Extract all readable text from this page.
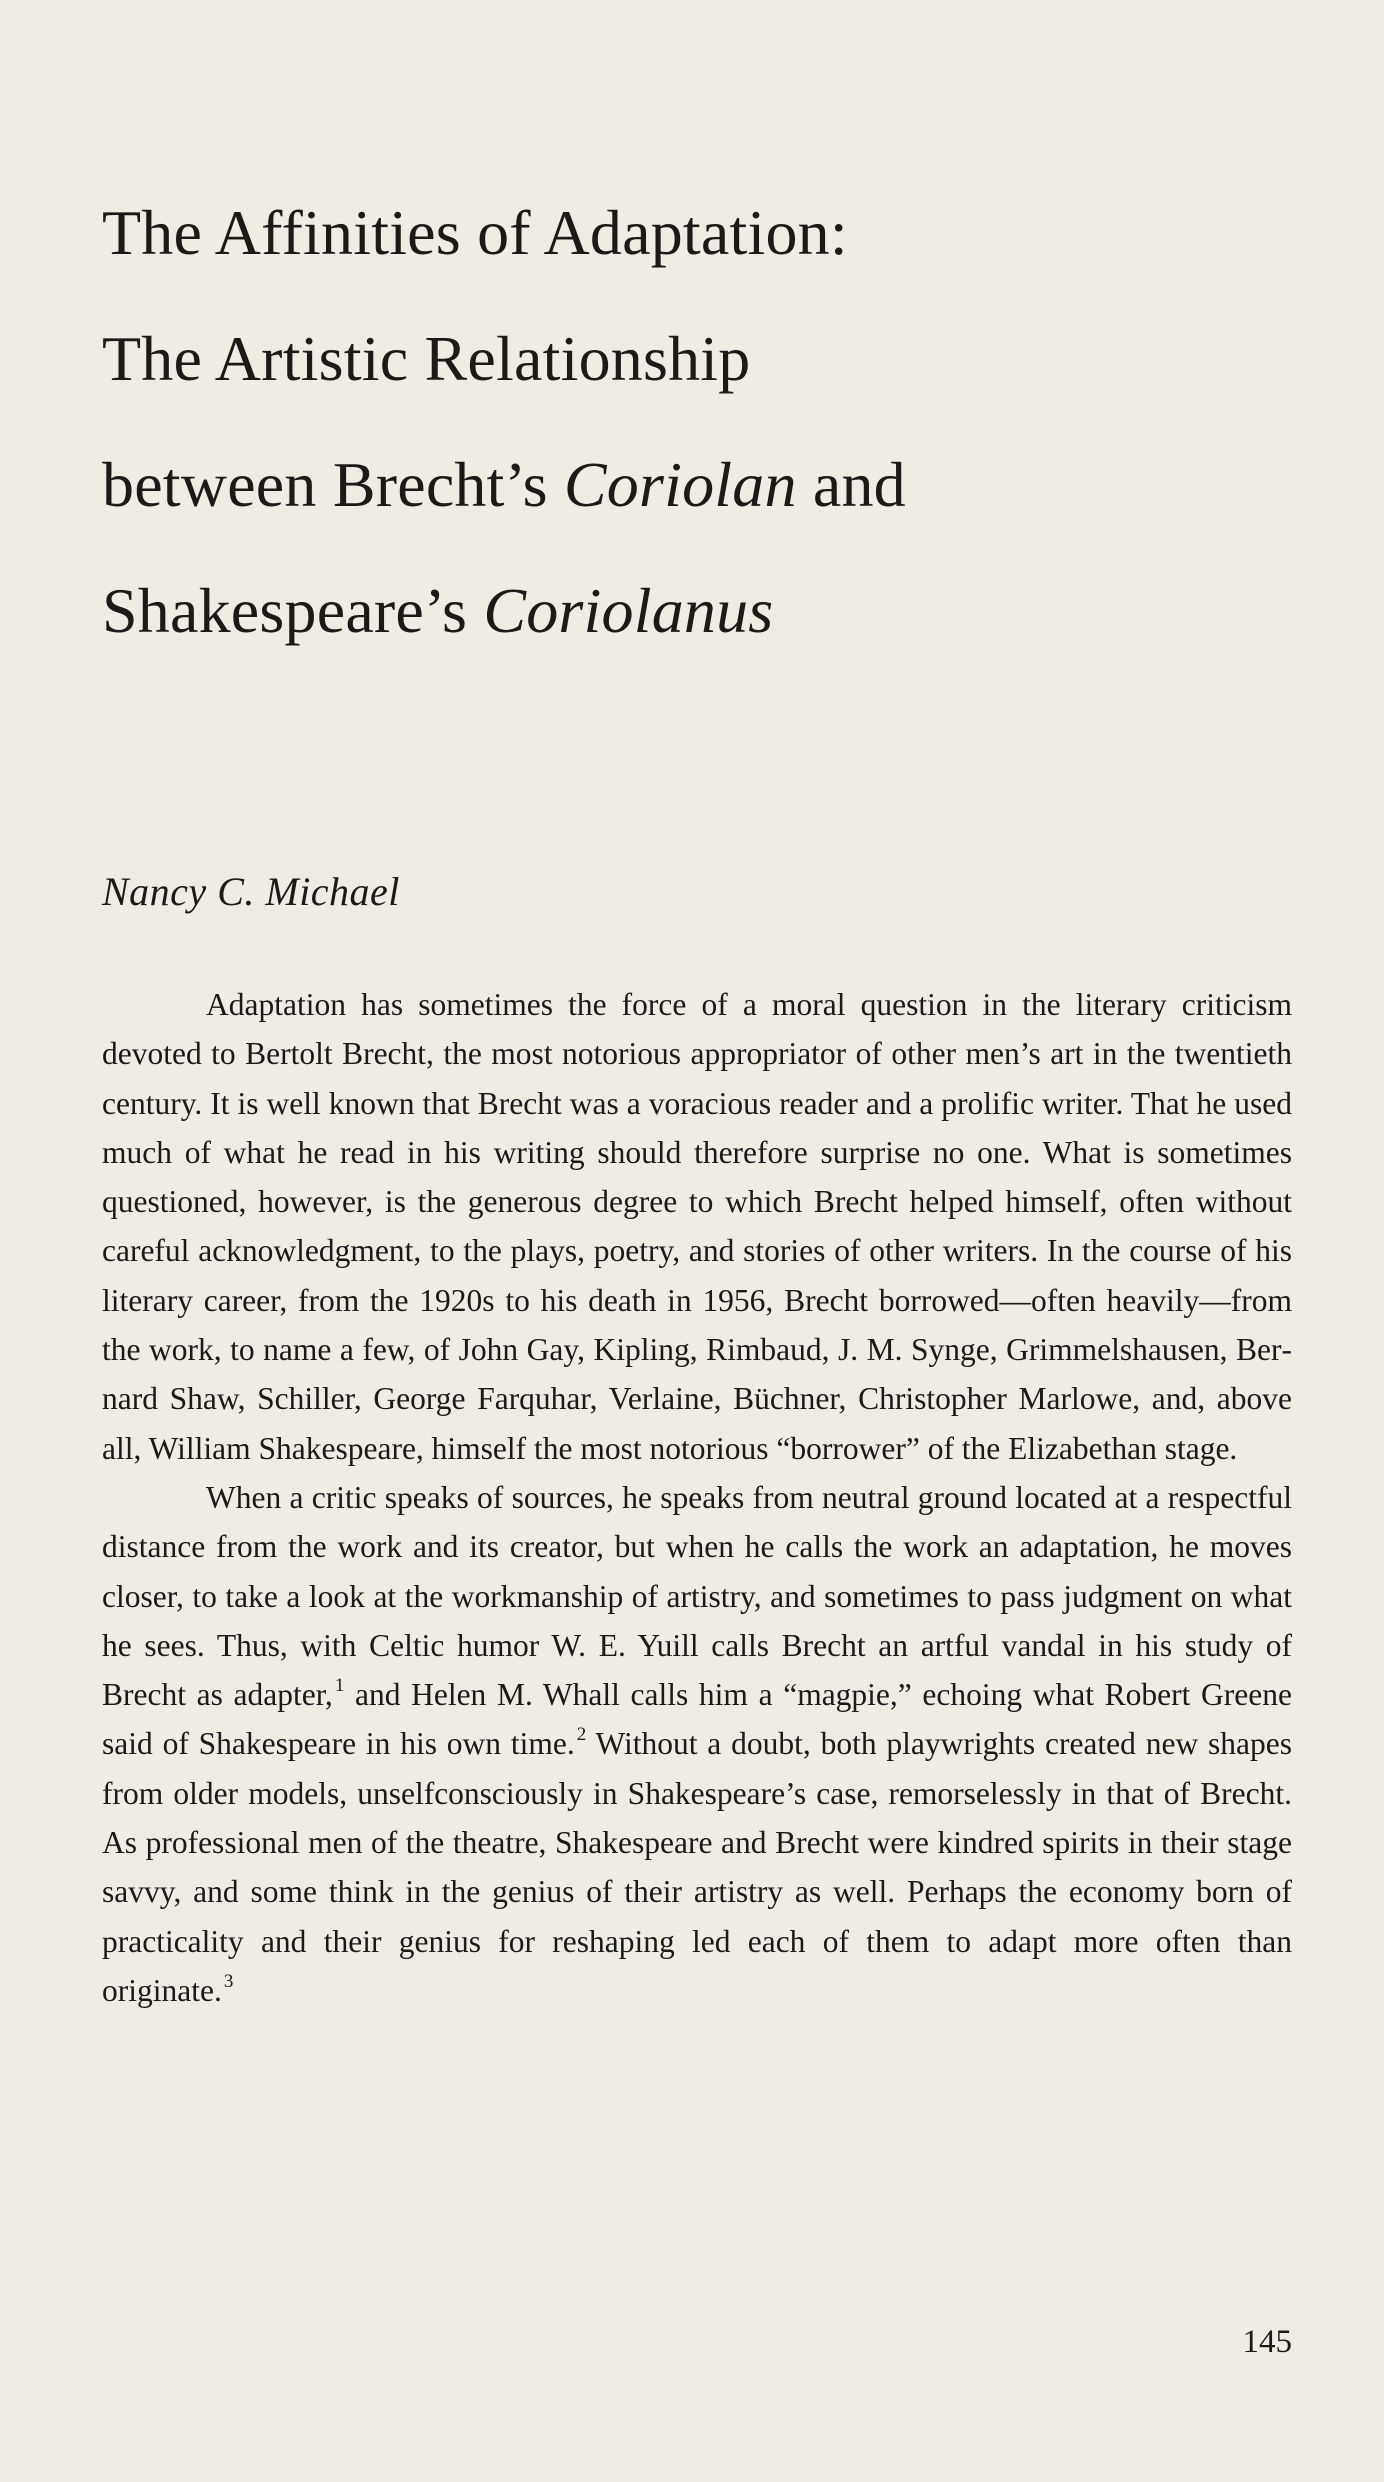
The Affinities of Adaptation:
The Artistic Relationship
between Brecht’s Coriolan and
Shakespeare’s Coriolanus

Nancy C. Michael

Adaptation has sometimes the force of a moral question in the literary criticism devoted to Bertolt Brecht, the most notorious appropriator of other men’s art in the twentieth century. It is well known that Brecht was a voracious reader and a prolific writer. That he used much of what he read in his writing should therefore surprise no one. What is sometimes questioned, however, is the generous degree to which Brecht helped himself, often without careful acknowledgment, to the plays, poetry, and stories of other writers. In the course of his literary career, from the 1920s to his death in 1956, Brecht borrowed—often heavily—from the work, to name a few, of John Gay, Kipling, Rimbaud, J. M. Synge, Grimmelshausen, Bernard Shaw, Schiller, George Farquhar, Verlaine, Büchner, Christopher Marlowe, and, above all, William Shakespeare, himself the most notorious “borrower” of the Elizabethan stage.

When a critic speaks of sources, he speaks from neutral ground located at a respectful distance from the work and its creator, but when he calls the work an adaptation, he moves closer, to take a look at the workmanship of artistry, and sometimes to pass judgment on what he sees. Thus, with Celtic humor W. E. Yuill calls Brecht an artful vandal in his study of Brecht as adapter, $^1$ and Helen M. Whall calls him a “magpie,” echoing what Robert Greene said of Shakespeare in his own time. $^2$ Without a doubt, both playwrights created new shapes from older models, unselfconsciously in Shakespeare’s case, remorselessly in that of Brecht. As professional men of the theatre, Shakespeare and Brecht were kindred spirits in their stage savvy, and some think in the genius of their artistry as well. Perhaps the economy born of practicality and their genius for reshaping led each of them to adapt more often than originate. $^3$

145
